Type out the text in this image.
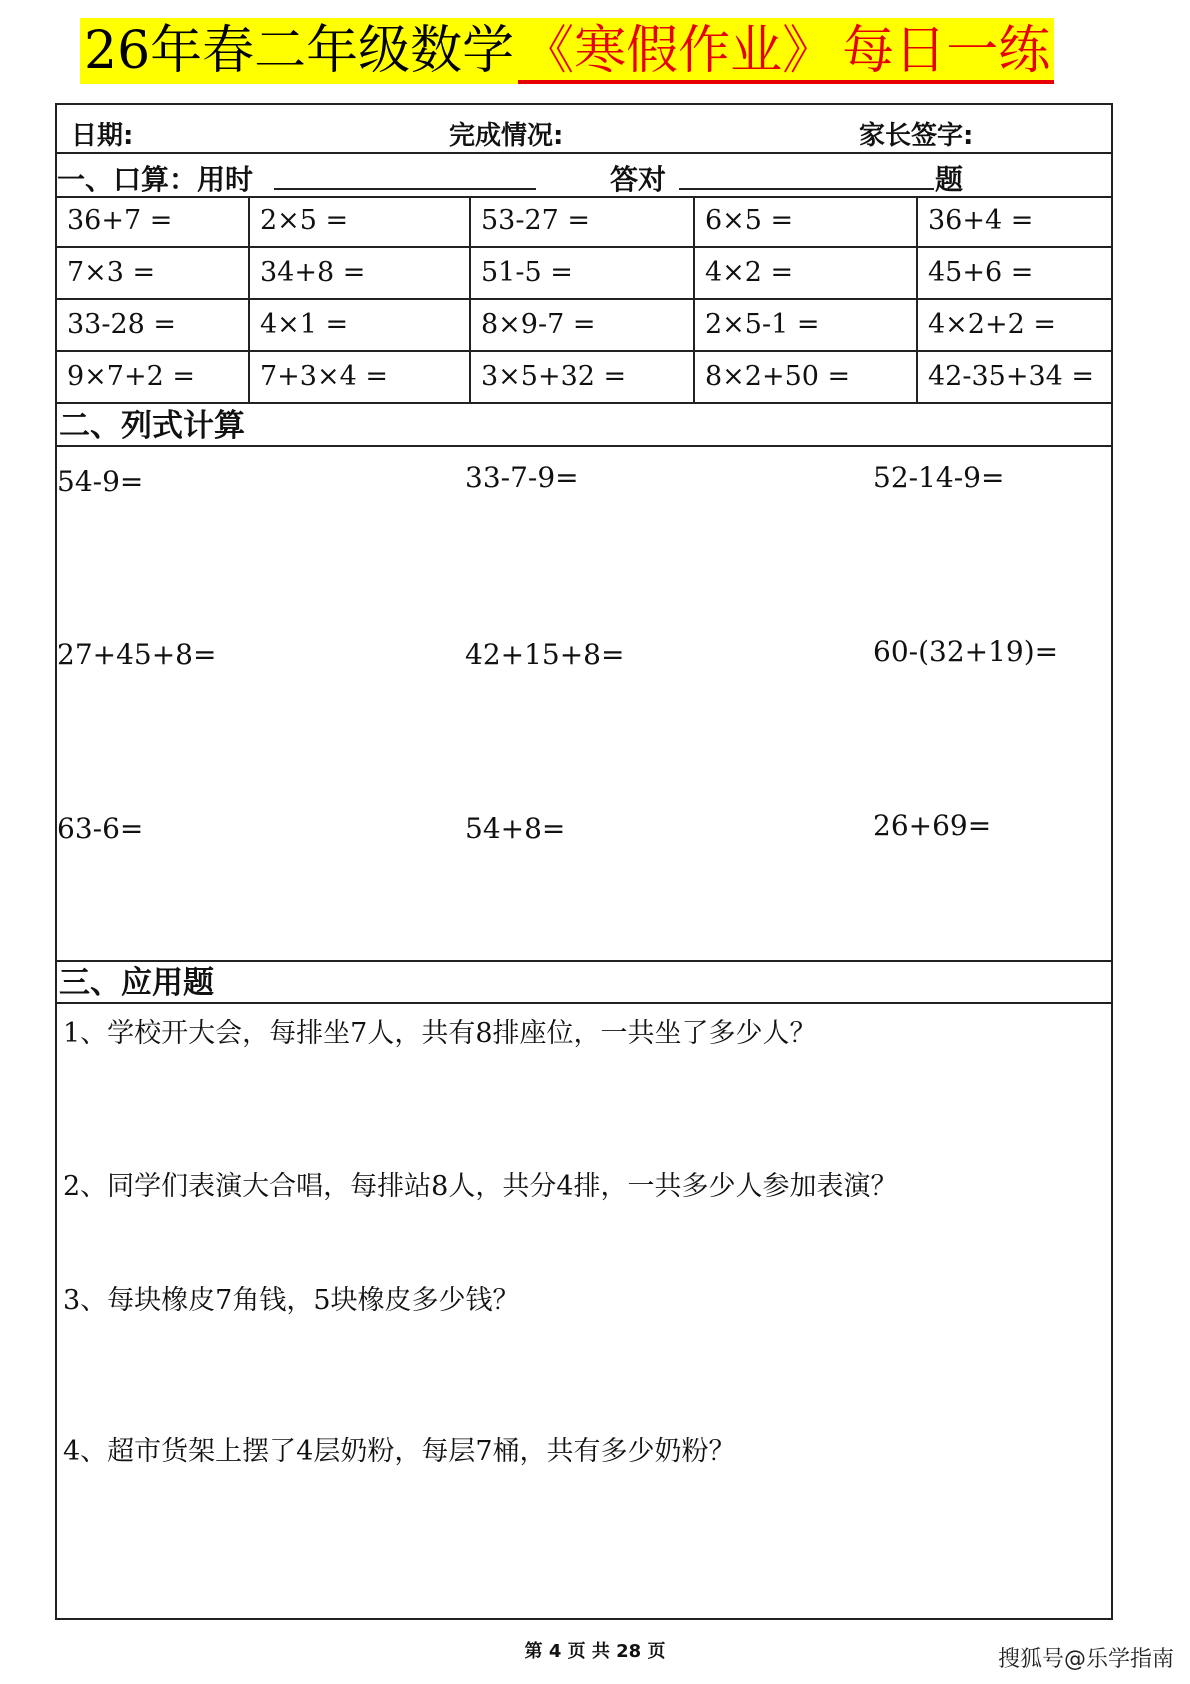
26年春二年级数学 《寒假作业》 每日一练
日期:	完成情况:	家长签字:
一、口算：用时	答对	题
36+7 =	2×5 =	53-27 =	6×5 =	36+4 =
7×3 =	34+8 =	51-5 =	4×2 =	45+6 =
33-28 =	4×1 =	8×9-7 =	2×5-1 =	4×2+2 =
9×7+2 = 7+3×4 =	3×5+32 =	8×2+50 =	42-35+34 =
二、列式计算
54-9=	33-7-9=	52-14-9=
27+45+8=	42+15+8=	60-(32+19)=
63-6=	54+8=	26+69=
三、应用题
1、学校开大会，每排坐7人，共有8排座位，一共坐了多少人？
2、同学们表演大合唱，每排站8人，共分4排，一共多少人参加表演？
3、每块橡皮7角钱，5块橡皮多少钱？
4、超市货架上摆了4层奶粉，每层7桶，共有多少奶粉？
第 4 页 共 28 页	搜狐号@乐学指南
